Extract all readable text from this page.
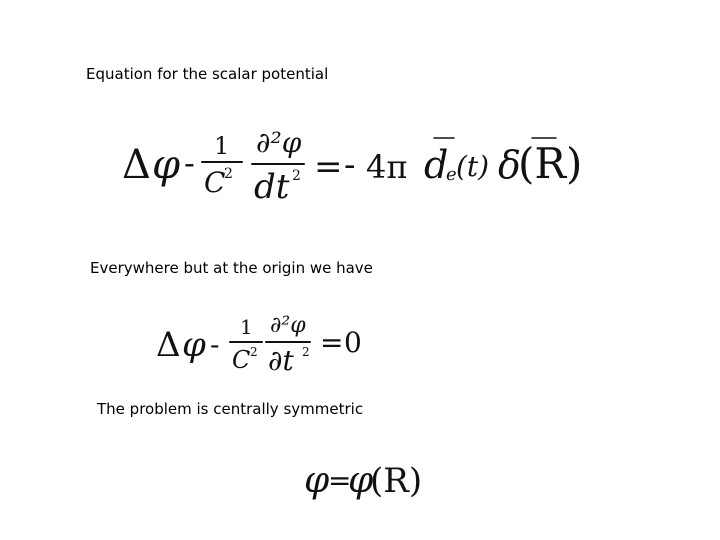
Equation for the scalar potential
Δ φ - 1
C
2
∂²φ
dt 2 = - 4π d
e (t) δ
(R)
Everywhere but at the origin we have
Δ φ -
1
C 2
∂²φ
∂t 2 = 0
The problem is centrally symmetric
φ
=
φ
(R)
